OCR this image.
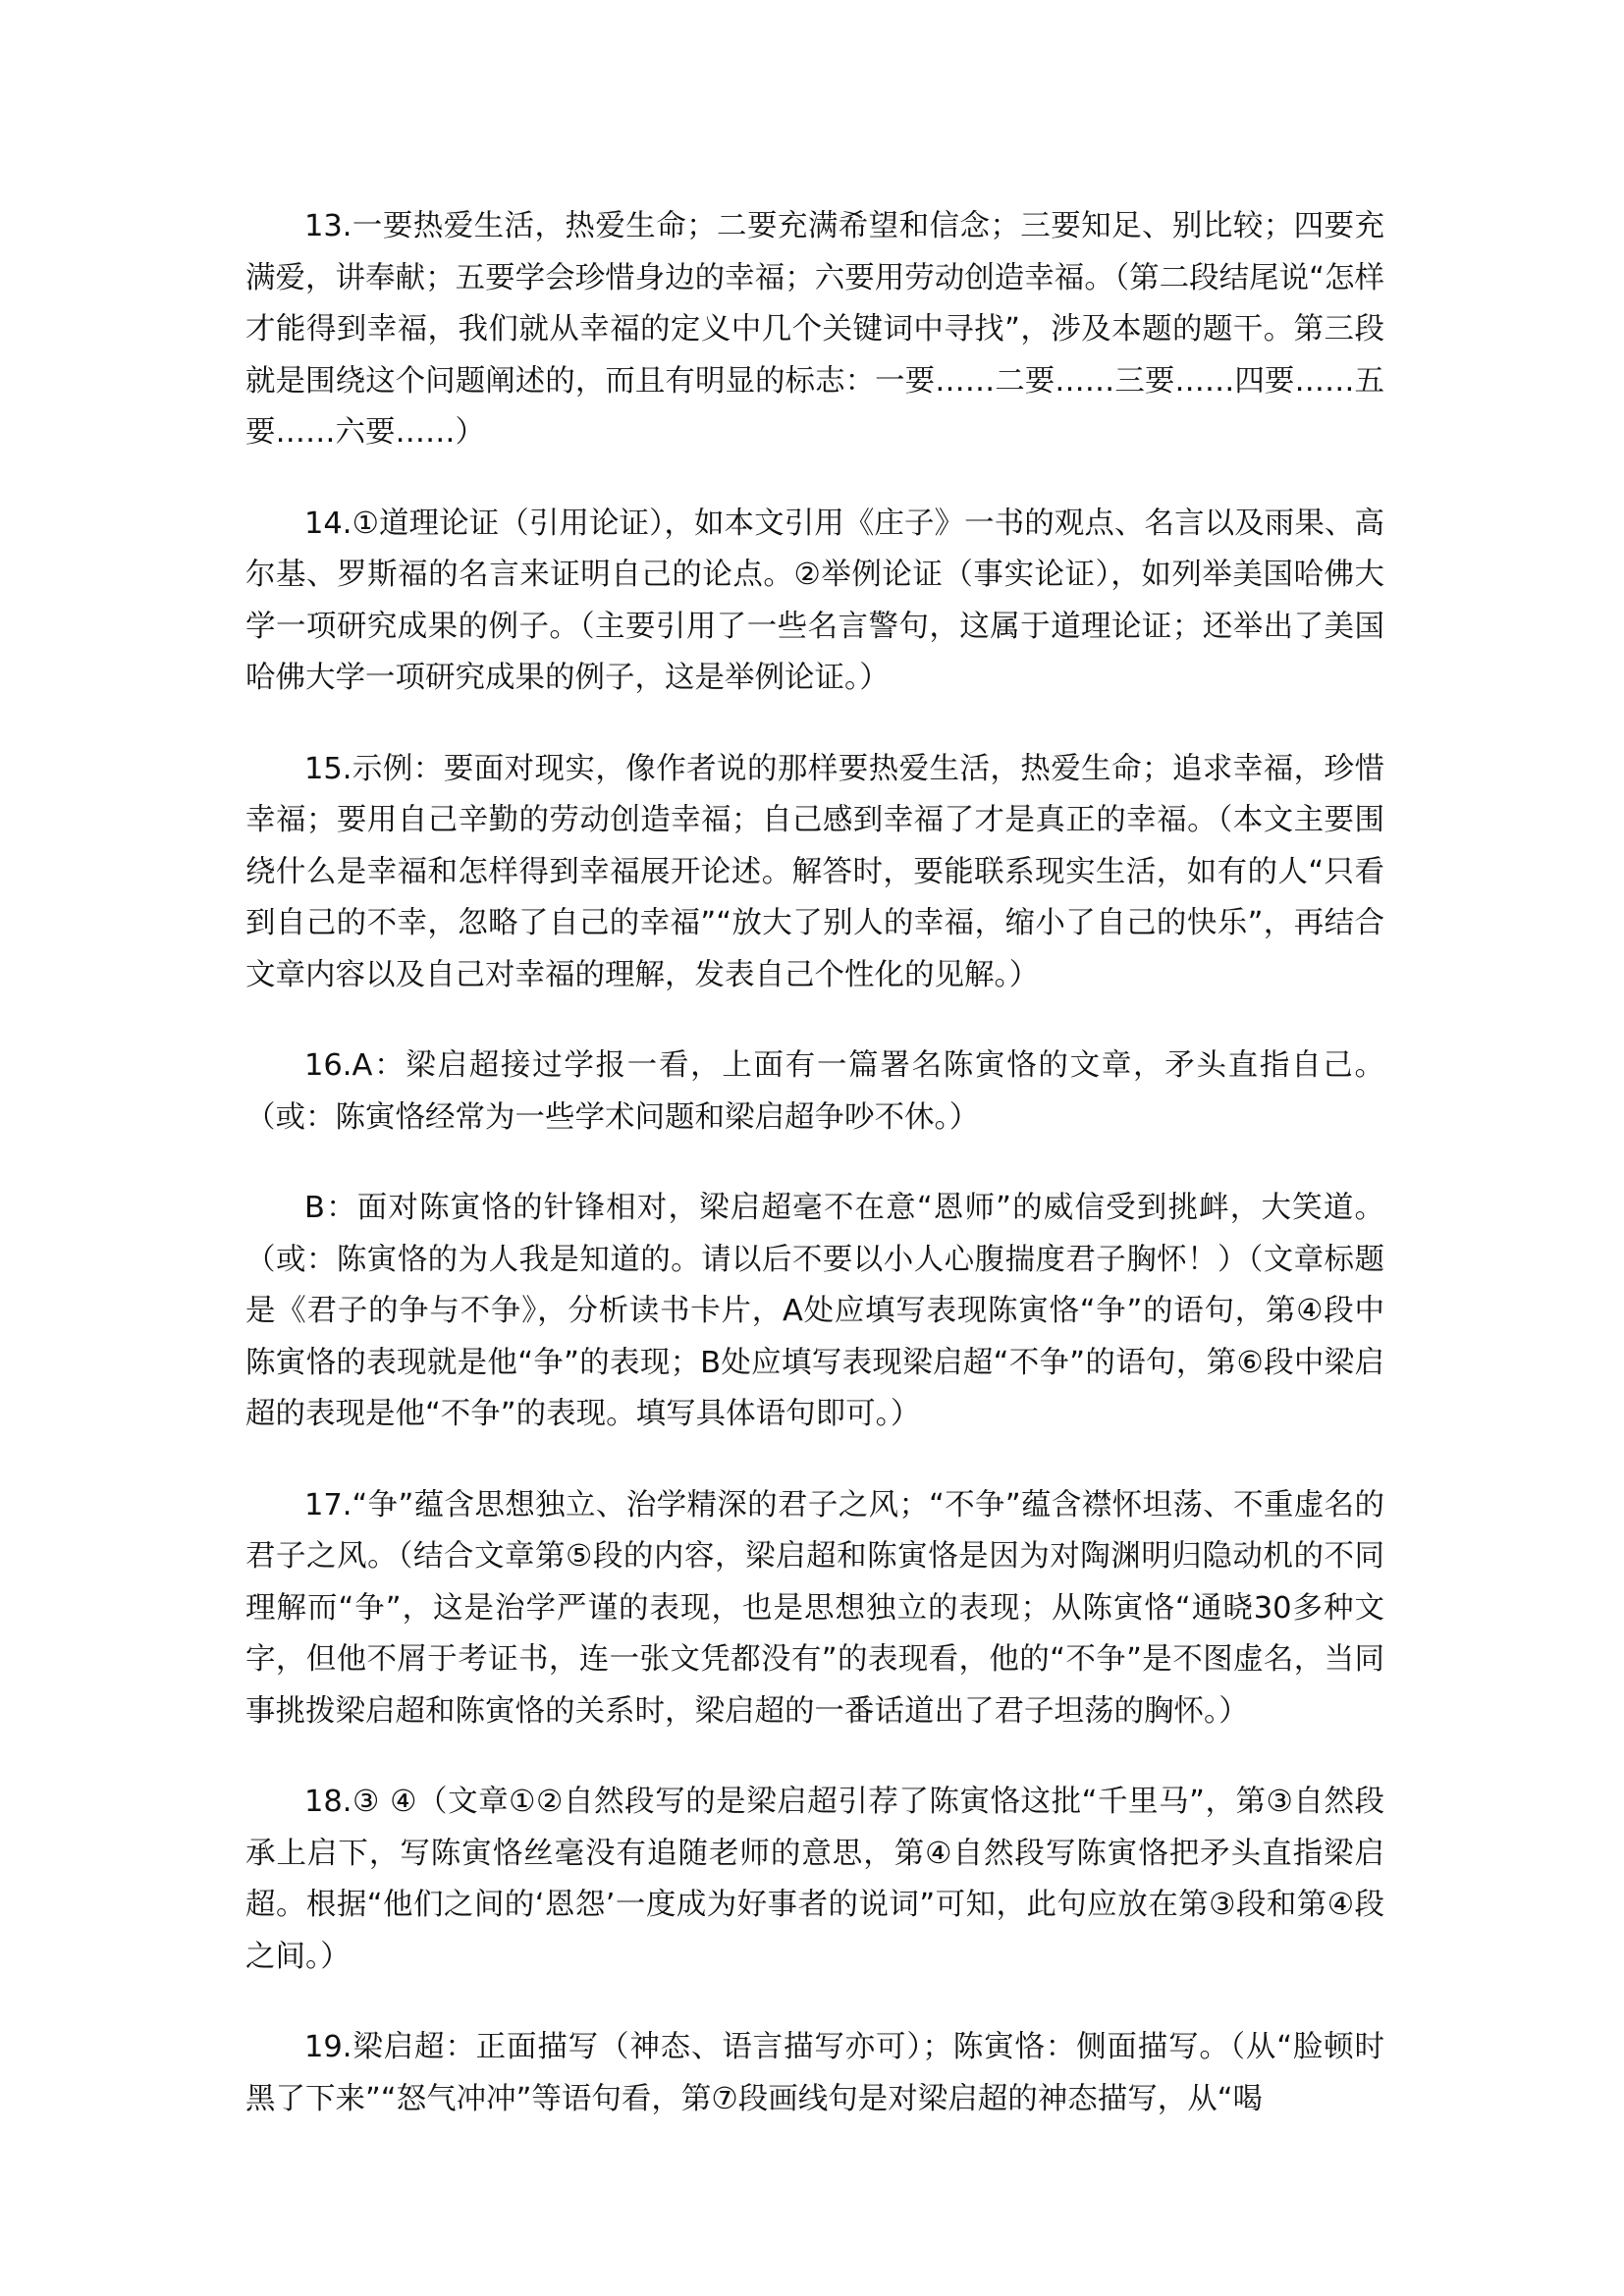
13.一要热爱生活，热爱生命；二要充满希望和信念；三要知足、别比较；四要充满爱，讲奉献；五要学会珍惜身边的幸福；六要用劳动创造幸福。（第二段结尾说“怎样才能得到幸福，我们就从幸福的定义中几个关键词中寻找”，涉及本题的题干。第三段就是围绕这个问题阐述的，而且有明显的标志：一要……二要……三要……四要……五要……六要……）

14.①道理论证（引用论证），如本文引用《庄子》一书的观点、名言以及雨果、高尔基、罗斯福的名言来证明自己的论点。②举例论证（事实论证），如列举美国哈佛大学一项研究成果的例子。（主要引用了一些名言警句，这属于道理论证；还举出了美国哈佛大学一项研究成果的例子，这是举例论证。）

15.示例：要面对现实，像作者说的那样要热爱生活，热爱生命；追求幸福，珍惜幸福；要用自己辛勤的劳动创造幸福；自己感到幸福了才是真正的幸福。（本文主要围绕什么是幸福和怎样得到幸福展开论述。解答时，要能联系现实生活，如有的人“只看到自己的不幸，忽略了自己的幸福”“放大了别人的幸福，缩小了自己的快乐”，再结合文章内容以及自己对幸福的理解，发表自己个性化的见解。）

16.A：梁启超接过学报一看，上面有一篇署名陈寅恪的文章，矛头直指自己。（或：陈寅恪经常为一些学术问题和梁启超争吵不休。）

B：面对陈寅恪的针锋相对，梁启超毫不在意“恩师”的威信受到挑衅，大笑道。（或：陈寅恪的为人我是知道的。请以后不要以小人心腹揣度君子胸怀！）（文章标题是《君子的争与不争》，分析读书卡片，A处应填写表现陈寅恪“争”的语句，第④段中陈寅恪的表现就是他“争”的表现；B处应填写表现梁启超“不争”的语句，第⑥段中梁启超的表现是他“不争”的表现。填写具体语句即可。）

17.“争”蕴含思想独立、治学精深的君子之风；“不争”蕴含襟怀坦荡、不重虚名的君子之风。（结合文章第⑤段的内容，梁启超和陈寅恪是因为对陶渊明归隐动机的不同理解而“争”，这是治学严谨的表现，也是思想独立的表现；从陈寅恪“通晓30多种文字，但他不屑于考证书，连一张文凭都没有”的表现看，他的“不争”是不图虚名，当同事挑拨梁启超和陈寅恪的关系时，梁启超的一番话道出了君子坦荡的胸怀。）

18.③ ④（文章①②自然段写的是梁启超引荐了陈寅恪这批“千里马”，第③自然段承上启下，写陈寅恪丝毫没有追随老师的意思，第④自然段写陈寅恪把矛头直指梁启超。根据“他们之间的‘恩怨’一度成为好事者的说词”可知，此句应放在第③段和第④段之间。）

19.梁启超：正面描写（神态、语言描写亦可）；陈寅恪：侧面描写。（从“脸顿时黑了下来”“怒气冲冲”等语句看，第⑦段画线句是对梁启超的神态描写，从“喝
